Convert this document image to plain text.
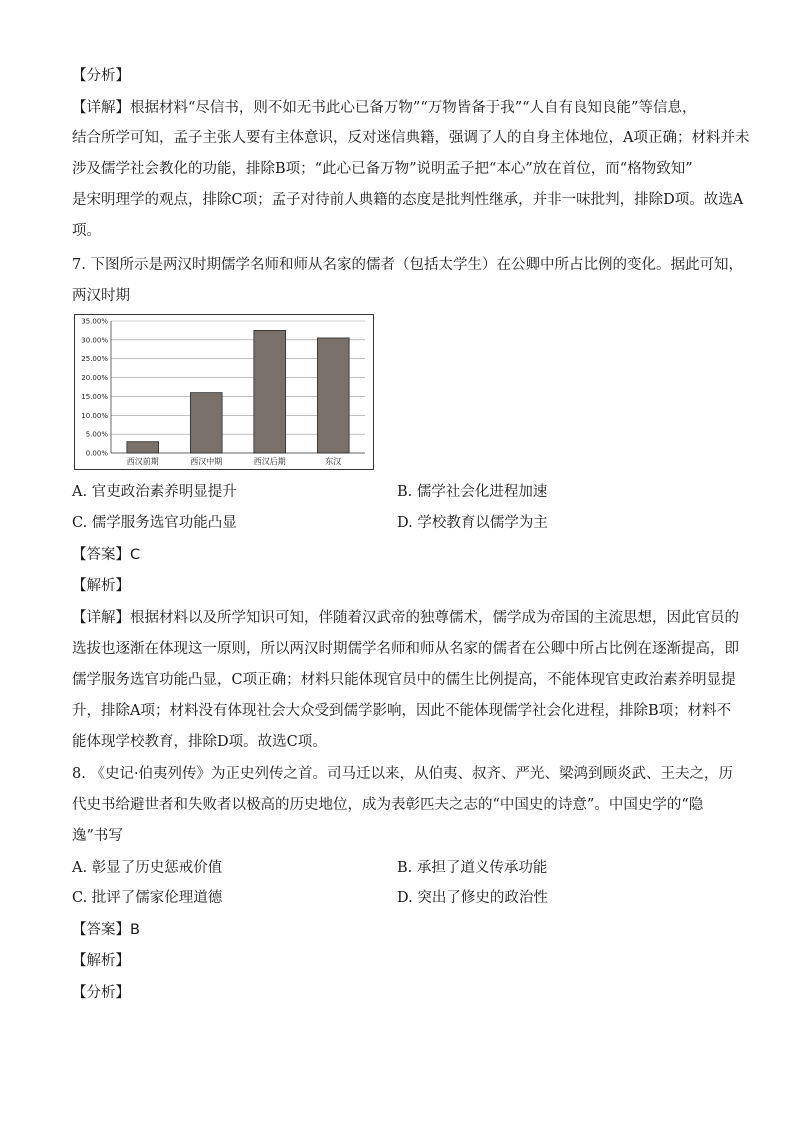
【分析】
【详解】根据材料“尽信书，则不如无书此心已备万物”“万物皆备于我”“人自有良知良能”等信息，
结合所学可知，孟子主张人要有主体意识，反对迷信典籍，强调了人的自身主体地位，A项正确；材料并未
涉及儒学社会教化的功能，排除B项；“此心已备万物”说明孟子把“本心”放在首位，而“格物致知”
是宋明理学的观点，排除C项；孟子对待前人典籍的态度是批判性继承，并非一味批判，排除D项。故选A
项。
7. 下图所示是两汉时期儒学名师和师从名家的儒者（包括太学生）在公卿中所占比例的变化。据此可知，
两汉时期
0.00%
5.00%
10.00%
15.00%
20.00%
25.00%
30.00%
35.00%
西汉前期	西汉中期	西汉后期	东汉
A. 官吏政治素养明显提升	B. 儒学社会化进程加速
C. 儒学服务选官功能凸显	D. 学校教育以儒学为主
【答案】C
【解析】
【详解】根据材料以及所学知识可知，伴随着汉武帝的独尊儒术，儒学成为帝国的主流思想，因此官员的
选拔也逐渐在体现这一原则，所以两汉时期儒学名师和师从名家的儒者在公卿中所占比例在逐渐提高，即
儒学服务选官功能凸显，C项正确；材料只能体现官员中的儒生比例提高，不能体现官吏政治素养明显提
升，排除A项；材料没有体现社会大众受到儒学影响，因此不能体现儒学社会化进程，排除B项；材料不
能体现学校教育，排除D项。故选C项。
8. 《史记·伯夷列传》为正史列传之首。司马迁以来，从伯夷、叔齐、严光、梁鸿到顾炎武、王夫之，历
代史书给避世者和失败者以极高的历史地位，成为表彰匹夫之志的“中国史的诗意”。中国史学的“隐
逸”书写
A. 彰显了历史惩戒价值	B. 承担了道义传承功能
C. 批评了儒家伦理道德	D. 突出了修史的政治性
【答案】B
【解析】
【分析】
